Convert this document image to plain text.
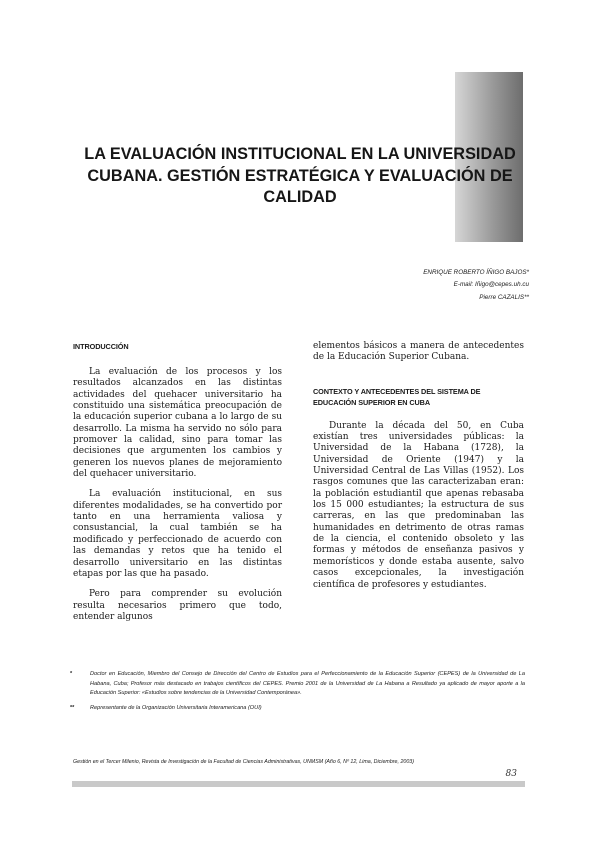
LA EVALUACIÓN INSTITUCIONAL EN LA UNIVERSIDAD
CUBANA. GESTIÓN ESTRATÉGICA Y EVALUACIÓN DE
CALIDAD
ENRIQUE ROBERTO ÍÑIGO BAJOS*
E-mail: Iñigo@cepes.uh.cu
Pierre CAZALIS**

INTRODUCCIÓN

La evaluación de los procesos y los resultados alcanzados en las distintas actividades del quehacer universitario ha constituido una sistemática preocupación de la educación superior cubana a lo largo de su desarrollo. La misma ha servido no sólo para promover la calidad, sino para tomar las decisiones que argumenten los cambios y generen los nuevos planes de mejoramiento del quehacer universitario.

La evaluación institucional, en sus diferentes modalidades, se ha convertido por tanto en una herramienta valiosa y consustancial, la cual también se ha modificado y perfeccionado de acuerdo con las demandas y retos que ha tenido el desarrollo universitario en las distintas etapas por las que ha pasado.

Pero para comprender su evolución resulta necesarios primero que todo, entender algunos

elementos básicos a manera de antecedentes de la Educación Superior Cubana.

CONTEXTO Y ANTECEDENTES DEL SISTEMA DE EDUCACIÓN SUPERIOR EN CUBA

Durante la década del 50, en Cuba existían tres universidades públicas: la Universidad de la Habana (1728), la Universidad de Oriente (1947) y la Universidad Central de Las Villas (1952). Los rasgos comunes que las caracterizaban eran: la población estudiantil que apenas rebasaba los 15 000 estudiantes; la estructura de sus carreras, en las que predominaban las humanidades en detrimento de otras ramas de la ciencia, el contenido obsoleto y las formas y métodos de enseñanza pasivos y memorísticos y donde estaba ausente, salvo casos excepcionales, la investigación científica de profesores y estudiantes.

*	Doctor en Educación, Miembro del Consejo de Dirección del Centro de Estudios para el Perfeccionamiento de la Educación Superior (CEPES) de la Universidad de La Habana, Cuba; Profesor más destacado en trabajos científicos del CEPES. Premio 2001 de la Universidad de La Habana a Resultado ya aplicado de mayor aporte a la Educación Superior: «Estudios sobre tendencias de la Universidad Contemporánea».
**	Representante de la Organización Universitaria Interamericana (OUI)
Gestión en el Tercer Milenio, Revista de Investigación de la Facultad de Ciencias Administrativas, UNMSM (Año 6, Nº 12, Lima, Diciembre, 2003)
83
